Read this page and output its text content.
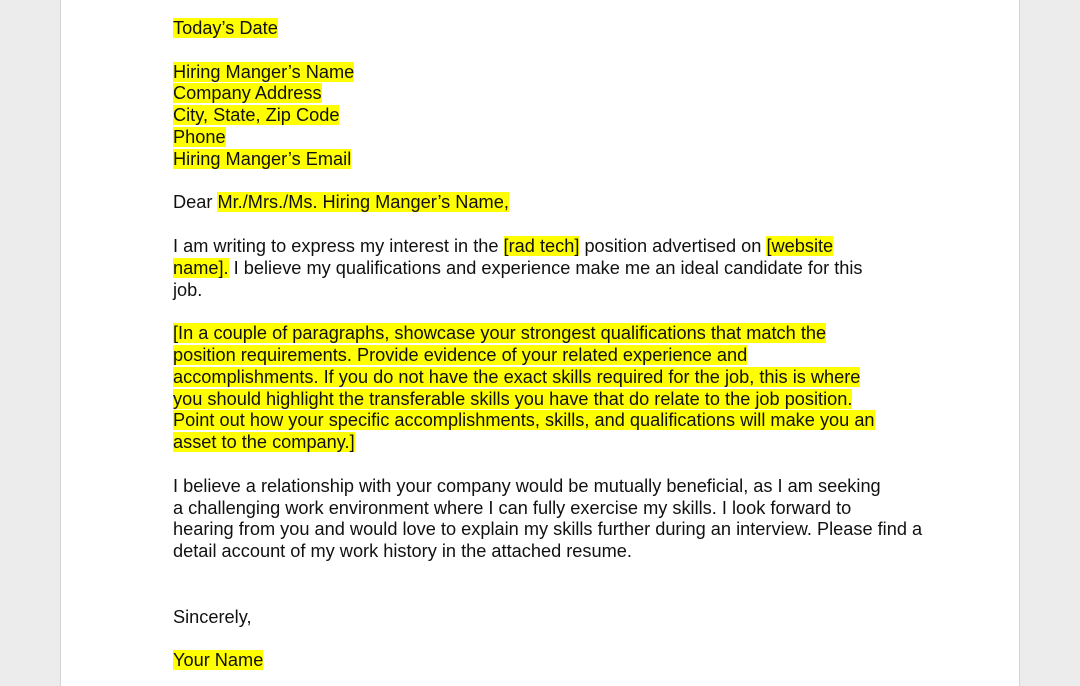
Today’s Date
Hiring Manger’s Name
Company Address
City, State, Zip Code
Phone
Hiring Manger’s Email
Dear Mr./Mrs./Ms. Hiring Manger’s Name,
I am writing to express my interest in the [rad tech] position advertised on [website
name]. I believe my qualifications and experience make me an ideal candidate for this
job.
[In a couple of paragraphs, showcase your strongest qualifications that match the
position requirements. Provide evidence of your related experience and
accomplishments. If you do not have the exact skills required for the job, this is where
you should highlight the transferable skills you have that do relate to the job position.
Point out how your specific accomplishments, skills, and qualifications will make you an
asset to the company.]
I believe a relationship with your company would be mutually beneficial, as I am seeking
a challenging work environment where I can fully exercise my skills. I look forward to
hearing from you and would love to explain my skills further during an interview. Please find a
detail account of my work history in the attached resume.
Sincerely,
Your Name
